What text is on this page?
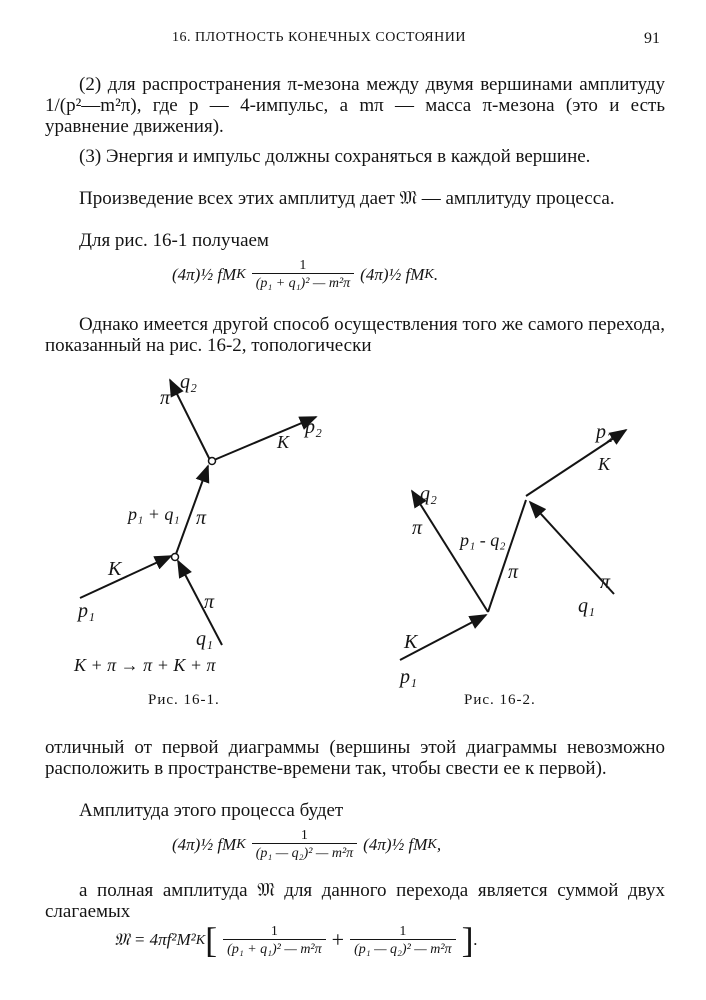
16. ПЛОТНОСТЬ КОНЕЧНЫХ СОСТОЯНИИ	91
(2) для распространения π-мезона между двумя вершинами амплитуду 1/(p²—m²π), где p — 4-импульс, а mπ — масса π-мезона (это и есть уравнение движения).
(3) Энергия и импульс должны сохраняться в каждой вершине.
Произведение всех этих амплитуд дает 𝔐 — амплитуду процесса.
Для рис. 16-1 получаем
(4π)½ fM K $\frac{1}{\text{(p₁ + q₁)² — m²π}}$ (4π)½ fM K .
Однако имеется другой способ осуществления того же самого перехода, показанный на рис. 16-2, топологически
q₂
π
p₂
K
p₁ + q₁ π
K
p₁	π
q₁
K + π → π + K + π
q₂
π
p₁ - q₂
π
p₂
K
K
p₁
π
q₁
Рис. 16-1.	Рис. 16-2.
отличный от первой диаграммы (вершины этой диаграммы невозможно расположить в пространстве-времени так, чтобы свести ее к первой).
Амплитуда этого процесса будет
(4π)½ fM K $\frac{1}{\text{(p₁ — q₂)² — m²π}}$ (4π)½ fM K ,
а полная амплитуда 𝔐 для данного перехода является суммой двух слагаемых
𝔐 = 4πf²M² K [ $\frac{1}{\text{(p₁ + q₁)² — m²π}} + \frac{1}{\text{(p₁ — q₂)² — m²π}}$ ] .
